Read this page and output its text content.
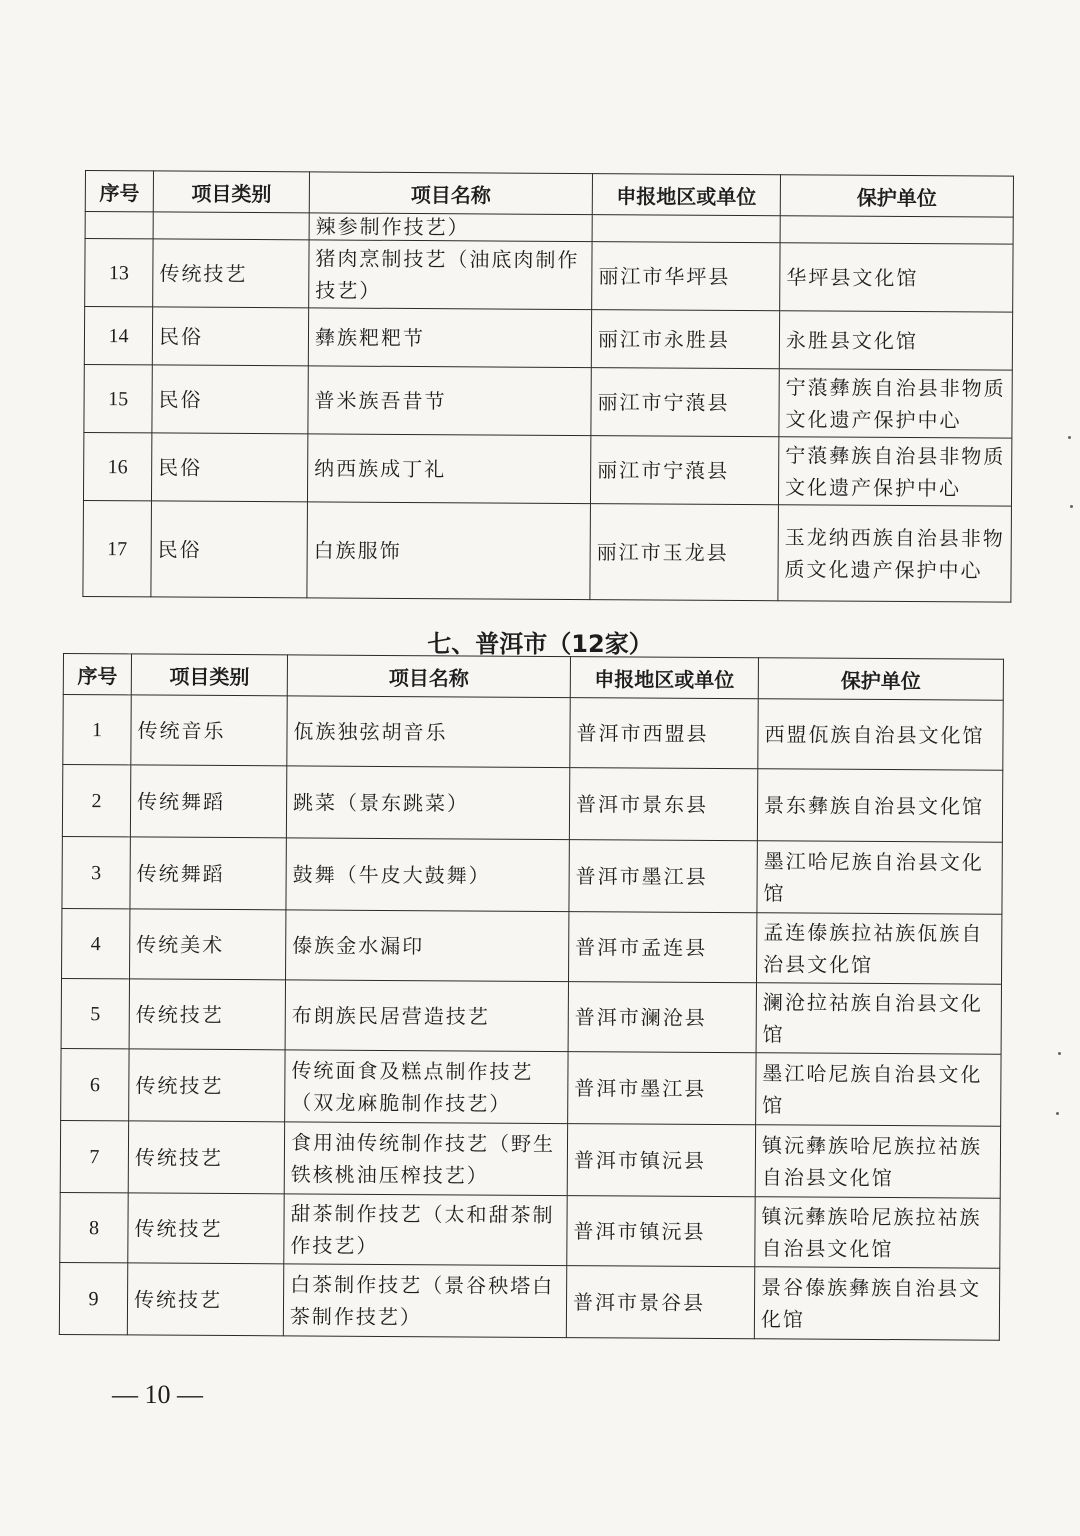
序号	项目类别	项目名称	申报地区或单位	保护单位
		辣参制作技艺）		
13	传统技艺	猪肉烹制技艺（油底肉制作技艺）	丽江市华坪县	华坪县文化馆
14	民俗	彝族粑粑节	丽江市永胜县	永胜县文化馆
15	民俗	普米族吾昔节	丽江市宁蒗县	宁蒗彝族自治县非物质文化遗产保护中心
16	民俗	纳西族成丁礼	丽江市宁蒗县	宁蒗彝族自治县非物质文化遗产保护中心
17	民俗	白族服饰	丽江市玉龙县	玉龙纳西族自治县非物质文化遗产保护中心
七、普洱市（12家）
序号	项目类别	项目名称	申报地区或单位	保护单位
1	传统音乐	佤族独弦胡音乐	普洱市西盟县	西盟佤族自治县文化馆
2	传统舞蹈	跳菜（景东跳菜）	普洱市景东县	景东彝族自治县文化馆
3	传统舞蹈	鼓舞（牛皮大鼓舞）	普洱市墨江县	墨江哈尼族自治县文化馆
4	传统美术	傣族金水漏印	普洱市孟连县	孟连傣族拉祜族佤族自治县文化馆
5	传统技艺	布朗族民居营造技艺	普洱市澜沧县	澜沧拉祜族自治县文化馆
6	传统技艺	传统面食及糕点制作技艺（双龙麻脆制作技艺）	普洱市墨江县	墨江哈尼族自治县文化馆
7	传统技艺	食用油传统制作技艺（野生铁核桃油压榨技艺）	普洱市镇沅县	镇沅彝族哈尼族拉祜族自治县文化馆
8	传统技艺	甜茶制作技艺（太和甜茶制作技艺）	普洱市镇沅县	镇沅彝族哈尼族拉祜族自治县文化馆
9	传统技艺	白茶制作技艺（景谷秧塔白茶制作技艺）	普洱市景谷县	景谷傣族彝族自治县文化馆
— 10 —
